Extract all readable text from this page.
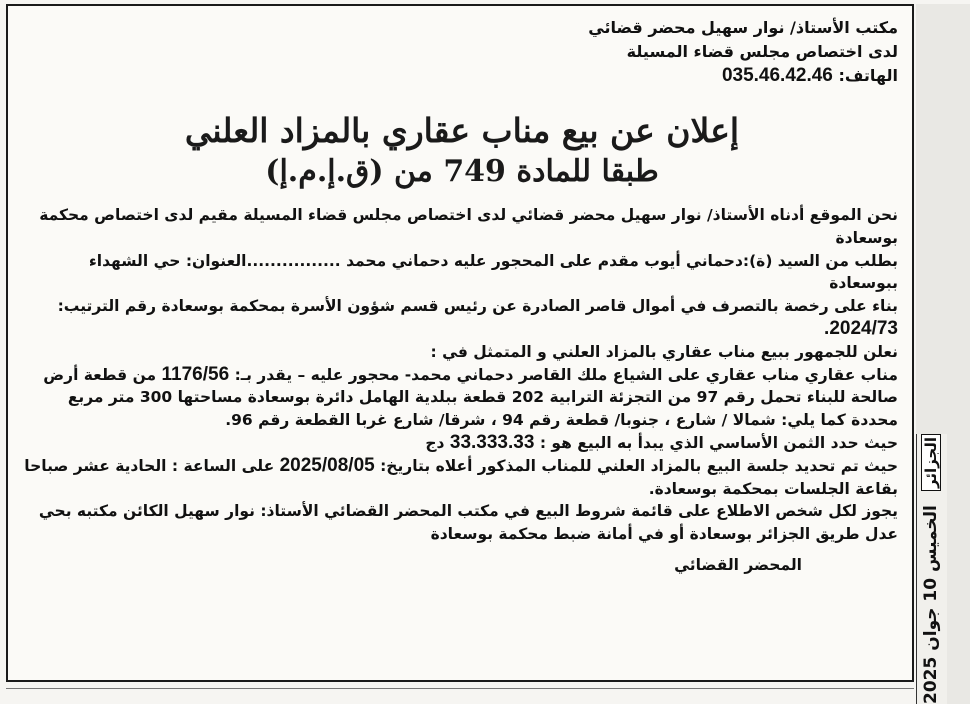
مكتب الأستاذ/ نوار سهيل محضر قضائي
لدى اختصاص مجلس قضاء المسيلة
الهاتف: 035.46.42.46
إعلان عن بيع مناب عقاري بالمزاد العلني
طبقا للمادة 749 من (ق.إ.م.إ)

نحن الموقع أدناه الأستاذ/ نوار سهيل محضر قضائي لدى اختصاص مجلس قضاء المسيلة مقيم لدى اختصاص محكمة بوسعادة

بطلب من السيد (ة):دحماني أيوب مقدم على المحجور عليه دحماني محمد ................العنوان: حي الشهداء ببوسعادة

بناء على رخصة بالتصرف في أموال قاصر الصادرة عن رئيس قسم شؤون الأسرة بمحكمة بوسعادة رقم الترتيب: 2024/73.

نعلن للجمهور ببيع مناب عقاري بالمزاد العلني و المتمثل في :

مناب عقاري مناب عقاري على الشياع ملك القاصر دحماني محمد- محجور عليه – يقدر بـ: 1176/56 من قطعة أرض صالحة للبناء تحمل رقم 97 من التجزئة الترابية 202 قطعة ببلدية الهامل دائرة بوسعادة مساحتها 300 متر مربع محددة كما يلي: شمالا / شارع ، جنوبا/ قطعة رقم 94 ، شرقا/ شارع غربا القطعة رقم 96.

حيث حدد الثمن الأساسي الذي يبدأ به البيع هو : 33.333.33 دج

حيث تم تحديد جلسة البيع بالمزاد العلني للمناب المذكور أعلاه بتاريخ: 2025/08/05 على الساعة : الحادية عشر صباحا بقاعة الجلسات بمحكمة بوسعادة.

يجوز لكل شخص الاطلاع على قائمة شروط البيع في مكتب المحضر القضائي الأستاذ: نوار سهيل الكائن مكتبه بحي عدل طريق الجزائر بوسعادة أو في أمانة ضبط محكمة بوسعادة

المحضر القضائي

الجزائر
الخميس 10 جوان 2025
